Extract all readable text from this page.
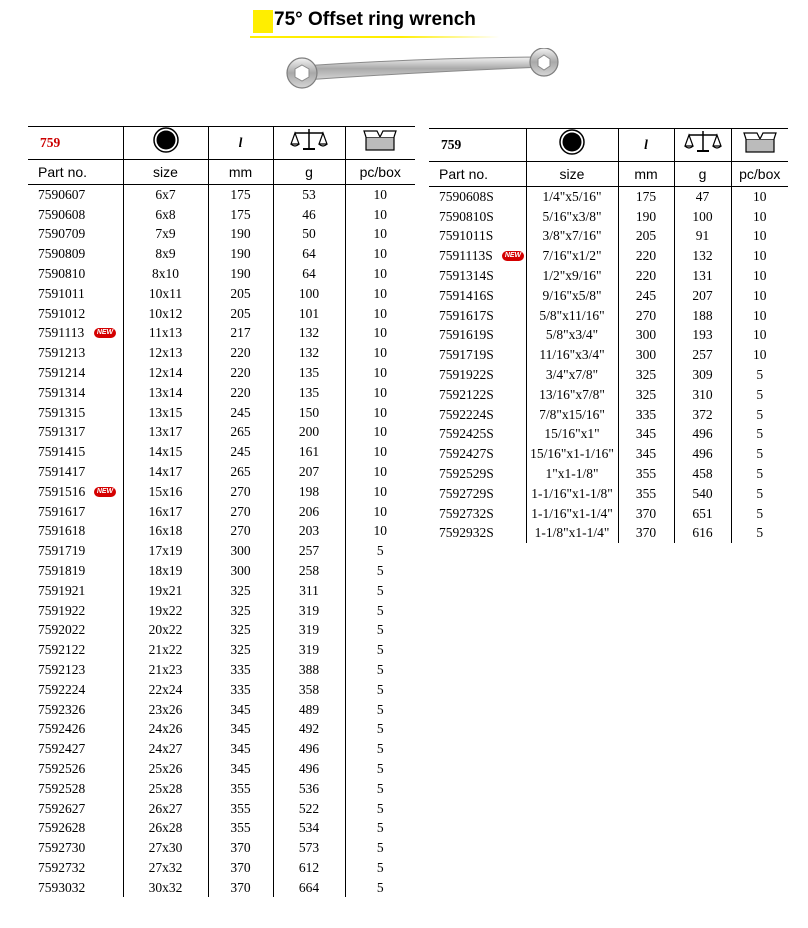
75° Offset ring wrench
759		l		
Part no.	size	mm	g	pc/box
7590607	6x7	175	53	10
7590608	6x8	175	46	10
7590709	7x9	190	50	10
7590809	8x9	190	64	10
7590810	8x10	190	64	10
7591011	10x11	205	100	10
7591012	10x12	205	101	10
7591113 NEW	11x13	217	132	10
7591213	12x13	220	132	10
7591214	12x14	220	135	10
7591314	13x14	220	135	10
7591315	13x15	245	150	10
7591317	13x17	265	200	10
7591415	14x15	245	161	10
7591417	14x17	265	207	10
7591516 NEW	15x16	270	198	10
7591617	16x17	270	206	10
7591618	16x18	270	203	10
7591719	17x19	300	257	5
7591819	18x19	300	258	5
7591921	19x21	325	311	5
7591922	19x22	325	319	5
7592022	20x22	325	319	5
7592122	21x22	325	319	5
7592123	21x23	335	388	5
7592224	22x24	335	358	5
7592326	23x26	345	489	5
7592426	24x26	345	492	5
7592427	24x27	345	496	5
7592526	25x26	345	496	5
7592528	25x28	355	536	5
7592627	26x27	355	522	5
7592628	26x28	355	534	5
7592730	27x30	370	573	5
7592732	27x32	370	612	5
7593032	30x32	370	664	5
759		l		
Part no.	size	mm	g	pc/box
7590608S	1/4"x5/16"	175	47	10
7590810S	5/16"x3/8"	190	100	10
7591011S	3/8"x7/16"	205	91	10
7591113S NEW	7/16"x1/2"	220	132	10
7591314S	1/2"x9/16"	220	131	10
7591416S	9/16"x5/8"	245	207	10
7591617S	5/8"x11/16"	270	188	10
7591619S	5/8"x3/4"	300	193	10
7591719S	11/16"x3/4"	300	257	10
7591922S	3/4"x7/8"	325	309	5
7592122S	13/16"x7/8"	325	310	5
7592224S	7/8"x15/16"	335	372	5
7592425S	15/16"x1"	345	496	5
7592427S	15/16"x1-1/16"	345	496	5
7592529S	1"x1-1/8"	355	458	5
7592729S	1-1/16"x1-1/8"	355	540	5
7592732S	1-1/16"x1-1/4"	370	651	5
7592932S	1-1/8"x1-1/4"	370	616	5
